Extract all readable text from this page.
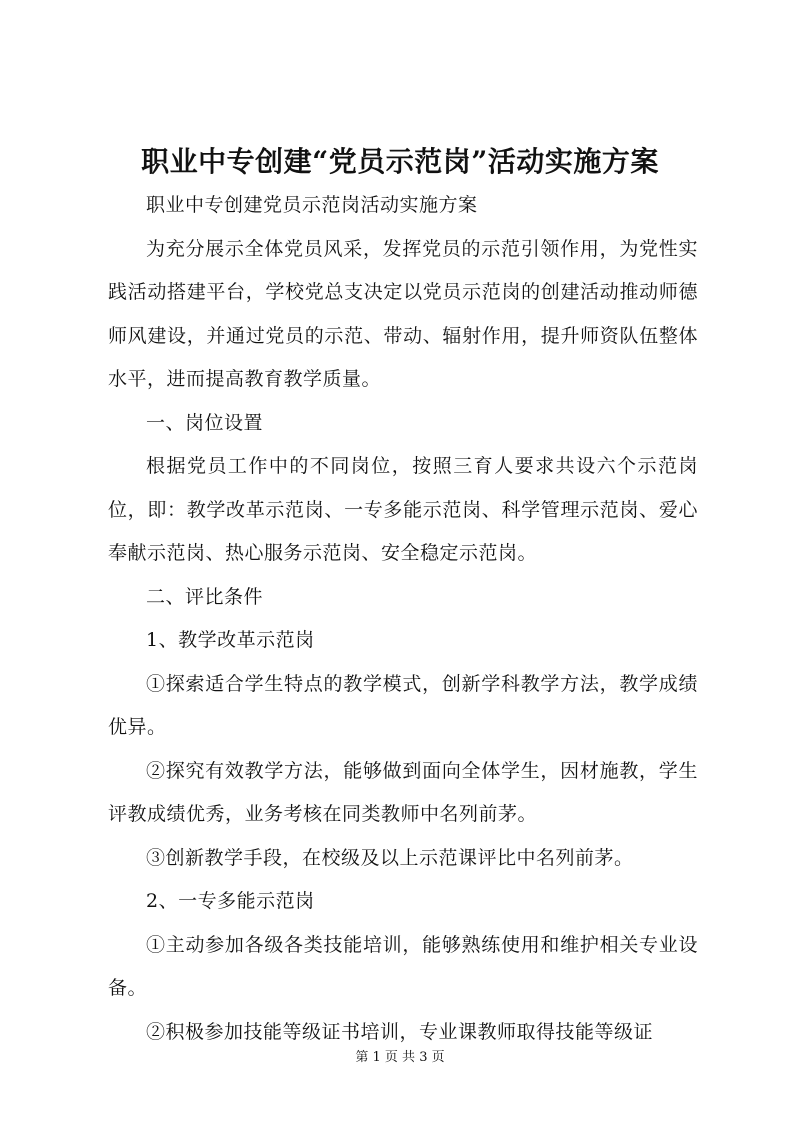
职业中专创建“党员示范岗”活动实施方案

职业中专创建党员示范岗活动实施方案

为充分展示全体党员风采，发挥党员的示范引领作用，为党性实践活动搭建平台，学校党总支决定以党员示范岗的创建活动推动师德师风建设，并通过党员的示范、带动、辐射作用，提升师资队伍整体水平，进而提高教育教学质量。

一、岗位设置

根据党员工作中的不同岗位，按照三育人要求共设六个示范岗位，即：教学改革示范岗、一专多能示范岗、科学管理示范岗、爱心奉献示范岗、热心服务示范岗、安全稳定示范岗。

二、评比条件

1、教学改革示范岗

①探索适合学生特点的教学模式，创新学科教学方法，教学成绩优异。

②探究有效教学方法，能够做到面向全体学生，因材施教，学生评教成绩优秀，业务考核在同类教师中名列前茅。

③创新教学手段，在校级及以上示范课评比中名列前茅。

2、一专多能示范岗

①主动参加各级各类技能培训，能够熟练使用和维护相关专业设备。

②积极参加技能等级证书培训，专业课教师取得技能等级证

第 1 页 共 3 页
